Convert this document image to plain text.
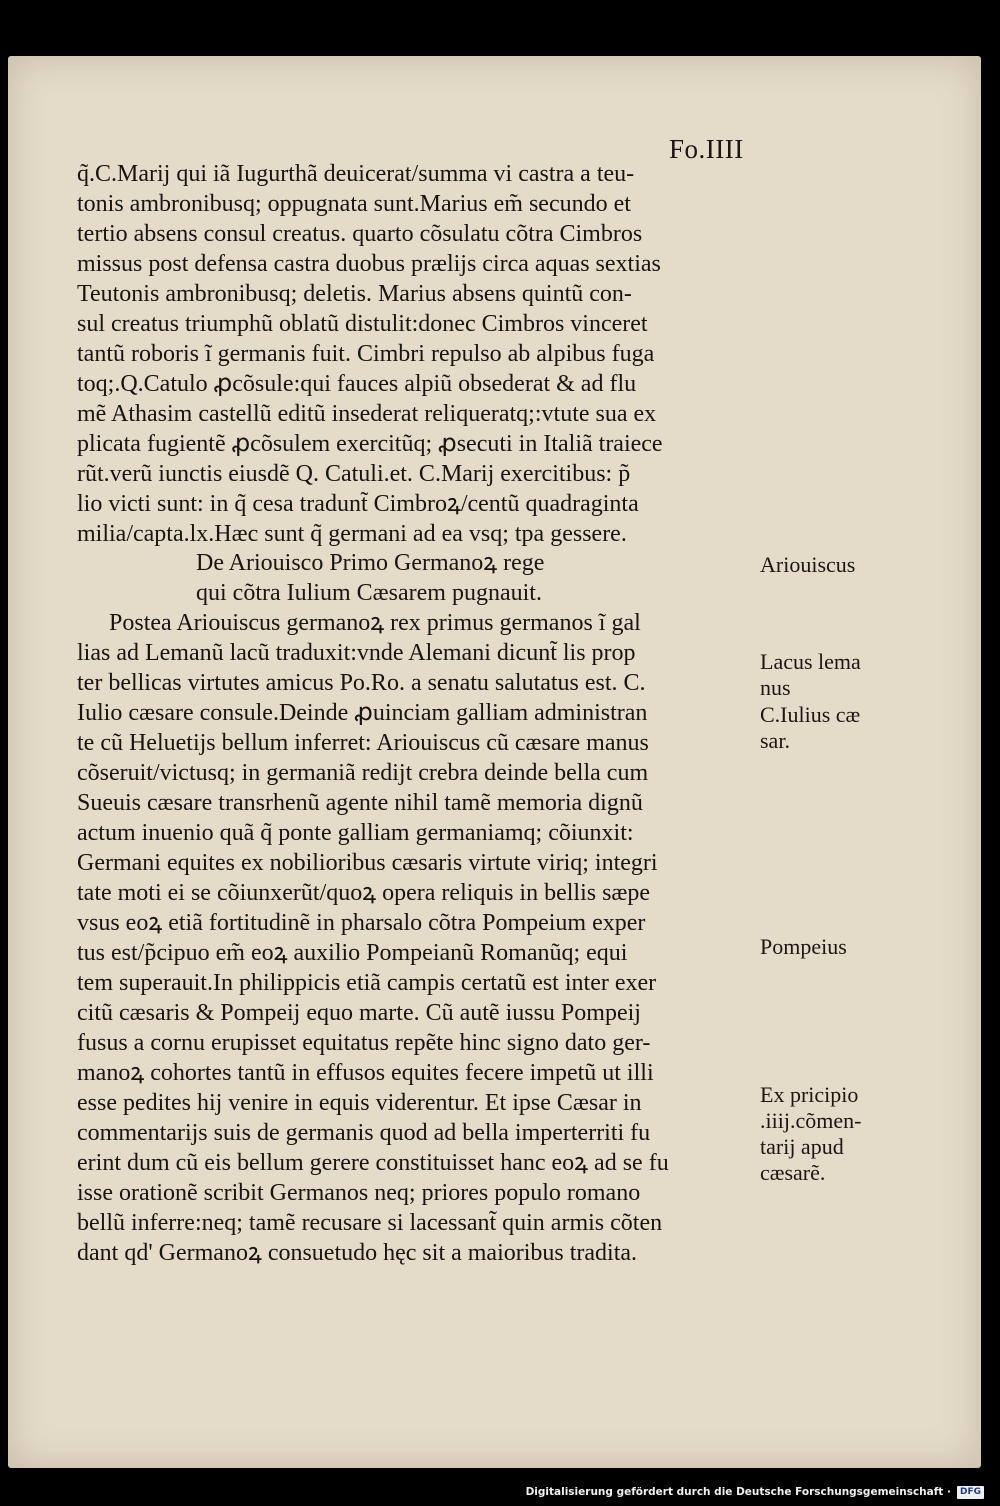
Fo.IIII
q̃.C.Marij qui iã Iugurthã deuicerat/summa vi castra a teu-
tonis ambronibusq; oppugnata sunt.Marius em̃ secundo et
tertio absens consul creatus. quarto cõsulatu cõtra Cimbros
missus post defensa castra duobus prælijs circa aquas sextias
Teutonis ambronibusq; deletis. Marius absens quintũ con-
sul creatus triumphũ oblatũ distulit:donec Cimbros vinceret
tantũ roboris ĩ germanis fuit. Cimbri repulso ab alpibus fuga
toq;.Q.Catulo ꝓcõsule:qui fauces alpiũ obsederat & ad flu
mẽ Athasim castellũ editũ insederat reliqueratq;:vtute sua ex
plicata fugientẽ ꝓcõsulem exercitũq; ꝓsecuti in Italiã traiece
rũt.verũ iunctis eiusdẽ Q. Catuli.et. C.Marij exercitibus: p̃
lio victi sunt: in q̃ cesa tradunt̃ Cimbroꝝ/centũ quadraginta
milia/capta.lx.Hæc sunt q̃ germani ad ea vsq; tpa gessere.
De Ariouisco Primo Germanoꝝ rege
qui cõtra Iulium Cæsarem pugnauit.
Postea Ariouiscus germanoꝝ rex primus germanos ĩ gal
lias ad Lemanũ lacũ traduxit:vnde Alemani dicunt̃ lis prop
ter bellicas virtutes amicus Po.Ro. a senatu salutatus est. C.
Iulio cæsare consule.Deinde ꝓuinciam galliam administran
te cũ Heluetijs bellum inferret: Ariouiscus cũ cæsare manus
cõseruit/victusq; in germaniã redijt crebra deinde bella cum
Sueuis cæsare transrhenũ agente nihil tamẽ memoria dignũ
actum inuenio quã q̃ ponte galliam germaniamq; cõiunxit:
Germani equites ex nobilioribus cæsaris virtute viriq; integri
tate moti ei se cõiunxerũt/quoꝝ opera reliquis in bellis sæpe
vsus eoꝝ etiã fortitudinẽ in pharsalo cõtra Pompeium exper
tus est/p̃cipuo em̃ eoꝝ auxilio Pompeianũ Romanũq; equi
tem superauit.In philippicis etiã campis certatũ est inter exer
citũ cæsaris & Pompeij equo marte. Cũ autẽ iussu Pompeij
fusus a cornu erupisset equitatus repẽte hinc signo dato ger-
manoꝝ cohortes tantũ in effusos equites fecere impetũ ut illi
esse pedites hij venire in equis viderentur. Et ipse Cæsar in
commentarijs suis de germanis quod ad bella imperterriti fu
erint dum cũ eis bellum gerere constituisset hanc eoꝝ ad se fu
isse orationẽ scribit Germanos neq; priores populo romano
bellũ inferre:neq; tamẽ recusare si lacessant̃ quin armis cõten
dant qd' Germanoꝝ consuetudo hęc sit a maioribus tradita.
Ariouiscus
Lacus lema
nus
C.Iulius cæ
sar.
Pompeius
Ex pricipio
.iiij.cõmen-
tarij apud
cæsarẽ.
Digitalisierung gefördert durch die Deutsche Forschungsgemeinschaft ·	DFG
